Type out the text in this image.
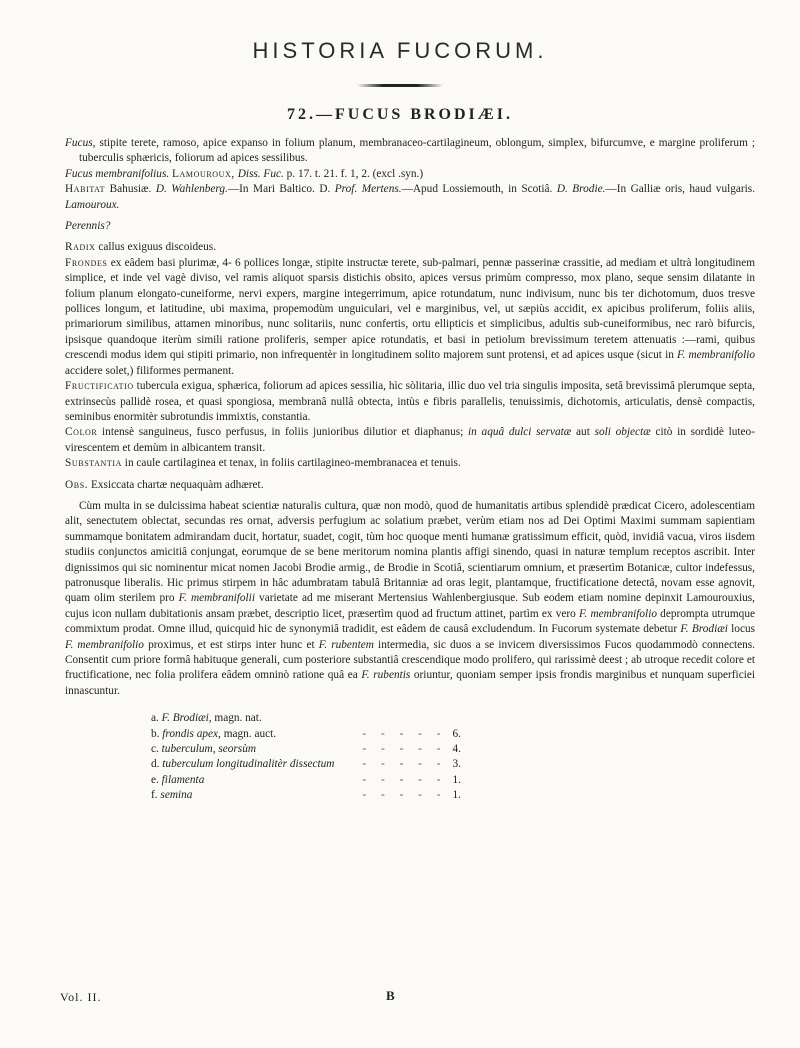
HISTORIA FUCORUM.
72.—FUCUS BRODIÆI.

Fucus, stipite terete, ramoso, apice expanso in folium planum, membranaceo-cartilagineum, oblongum, simplex, bifurcumve, e margine proliferum ; tuberculis sphæricis, foliorum ad apices sessilibus.

Fucus membranifolius. Lamouroux, Diss. Fuc. p. 17. t. 21. f. 1, 2. (excl .syn.)

Habitat Bahusiæ. D. Wahlenberg.—In Mari Baltico. D. Prof. Mertens.—Apud Lossiemouth, in Scotiâ. D. Brodie.—In Galliæ oris, haud vulgaris. Lamouroux.

Perennis?

Radix callus exiguus discoideus.

Frondes ex eâdem basi plurimæ, 4- 6 pollices longæ, stipite instructæ terete, sub-palmari, pennæ passerinæ crassitie, ad mediam et ultrà longitudinem simplice, et inde vel vagè diviso, vel ramis aliquot sparsis distichis obsito, apices versus primùm compresso, mox plano, seque sensim dilatante in folium planum elongato-cuneiforme, nervi expers, margine integerrimum, apice rotundatum, nunc indivisum, nunc bis ter dichotomum, duos tresve pollices longum, et latitudine, ubi maxima, propemodùm unguiculari, vel e marginibus, vel, ut sæpiùs accidit, ex apicibus proliferum, foliis aliis, primariorum similibus, attamen minoribus, nunc solitariis, nunc confertis, ortu ellipticis et simplicibus, adultis sub-cuneiformibus, nec rarò bifurcis, ipsisque quandoque iterùm simili ratione proliferis, semper apice rotundatis, et basi in petiolum brevissimum teretem attenuatis :—rami, quibus crescendi modus idem qui stipiti primario, non infrequentèr in longitudinem solito majorem sunt protensi, et ad apices usque (sicut in F. membranifolio accidere solet,) filiformes permanent.

Fructificatio tubercula exigua, sphærica, foliorum ad apices sessilia, hìc sòlitaria, illìc duo vel tria singulis imposita, setâ brevissimâ plerumque septa, extrinsecùs pallidè rosea, et quasi spongiosa, membranâ nullâ obtecta, intùs e fibris parallelis, tenuissimis, dichotomis, articulatis, densè compactis, seminibus enormitèr subrotundis immixtis, constantia.

Color intensè sanguineus, fusco perfusus, in foliis junioribus dilutior et diaphanus; in aquâ dulci servatæ aut soli objectæ citò in sordidè luteo-virescentem et demùm in albicantem transit.

Substantia in caule cartilaginea et tenax, in foliis cartilagineo-membranacea et tenuis.

Obs. Exsiccata chartæ nequaquàm adhæret.

Cùm multa in se dulcissima habeat scientiæ naturalis cultura, quæ non modò, quod de humanitatis artibus splendidè prædicat Cicero, adolescentiam alit, senectutem oblectat, secundas res ornat, adversis perfugium ac solatium præbet, verùm etiam nos ad Dei Optimi Maximi summam sapientiam summamque bonitatem admirandam ducit, hortatur, suadet, cogit, tùm hoc quoque menti humanæ gratissimum efficit, quòd, invidiâ vacua, viros iisdem studiis conjunctos amicitiâ conjungat, eorumque de se bene meritorum nomina plantis affigi sinendo, quasi in naturæ templum receptos ascribit. Inter dignissimos qui sic nominentur micat nomen Jacobi Brodie armig., de Brodie in Scotiâ, scientiarum omnium, et præsertìm Botanicæ, cultor indefessus, patronusque liberalis. Hic primus stirpem in hâc adumbratam tabulâ Britanniæ ad oras legit, plantamque, fructificatione detectâ, novam esse agnovit, quam olim sterilem pro F. membranifolii varietate ad me miserant Mertensius Wahlenbergiusque. Sub eodem etiam nomine depinxit Lamourouxius, cujus icon nullam dubitationis ansam præbet, descriptio licet, præsertìm quod ad fructum attinet, partìm ex vero F. membranifolio deprompta utrumque commixtum prodat. Omne illud, quicquid hic de synonymiâ tradidit, est eâdem de causâ excludendum. In Fucorum systemate debetur F. Brodiæi locus F. membranifolio proximus, et est stirps inter hunc et F. rubentem intermedia, sic duos a se invicem diversissimos Fucos quodammodò connectens. Consentit cum priore formâ habituque generali, cum posteriore substantiâ crescendique modo prolifero, qui rarissimè deest ; ab utroque recedit colore et fructificatione, nec folia prolifera eâdem omninò ratione quâ ea F. rubentis oriuntur, quoniam semper ipsis frondis marginibus et nunquam superficiei innascuntur.

a. F. Brodiæi, magn. nat.
b. frondis apex, magn. auct.	- - - - - 6.
c. tuberculum, seorsùm	- - - - - 4.
d. tuberculum longitudinalitèr dissectum	- - - - - 3.
e. filamenta	- - - - - 1.
f. semina	- - - - - 1.
Vol. II.	B
